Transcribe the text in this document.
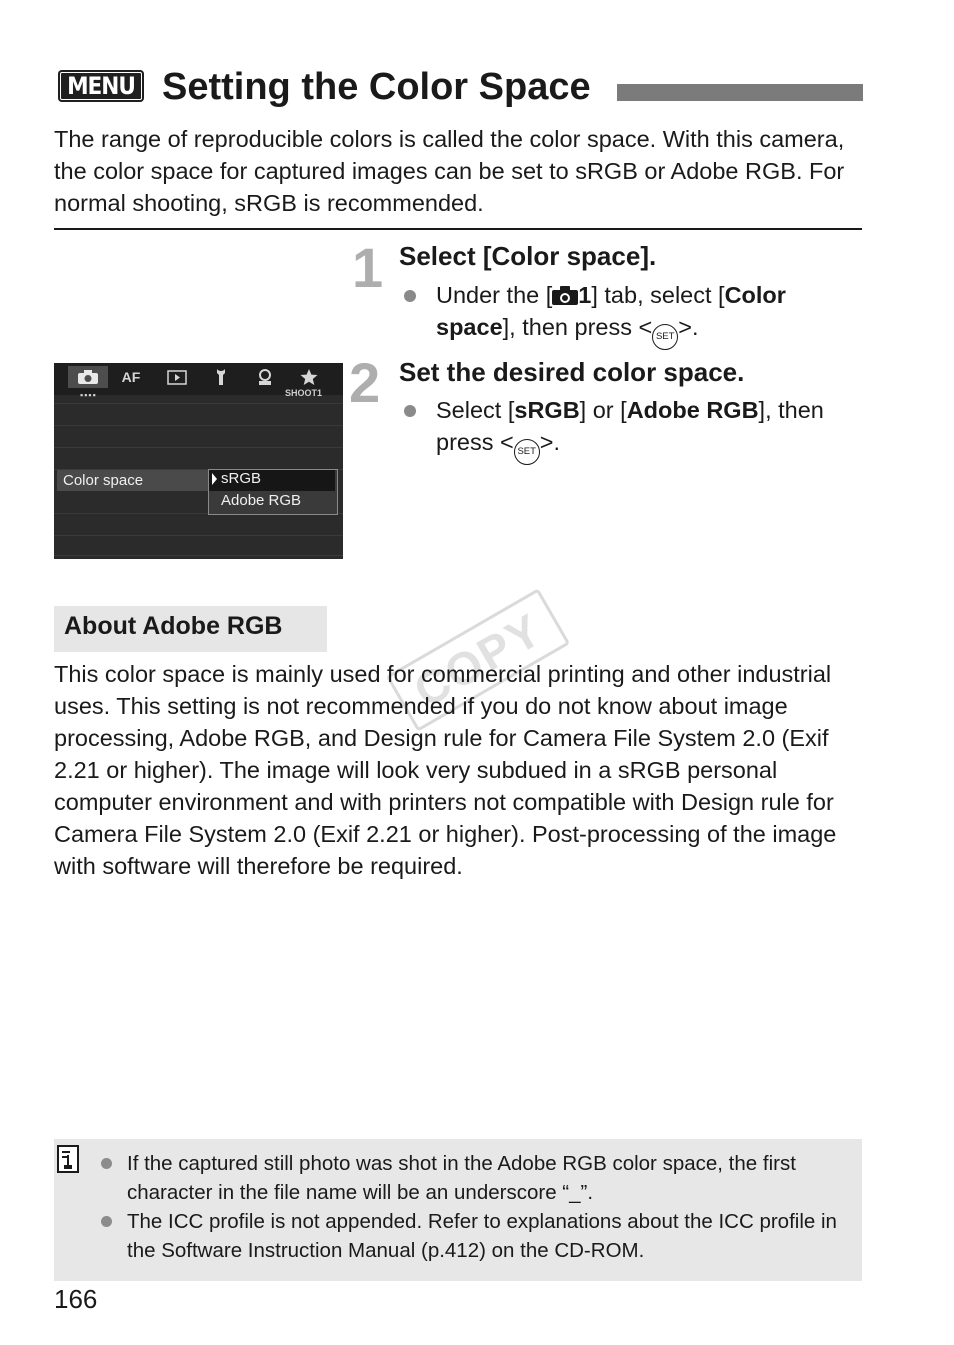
MENU Setting the Color Space

The range of reproducible colors is called the color space. With this camera, the color space for captured images can be set to sRGB or Adobe RGB. For normal shooting, sRGB is recommended.

1 Select [Color space].

Under the [ 1] tab, select [Color space], then press < SET >.

2 Set the desired color space.

Select [sRGB] or [Adobe RGB], then press < SET >.

AF
▪▪▪▪	SHOOT1
Color space	sRGB
Adobe RGB
About Adobe RGB	COPY

This color space is mainly used for commercial printing and other industrial uses. This setting is not recommended if you do not know about image processing, Adobe RGB, and Design rule for Camera File System 2.0 (Exif 2.21 or higher). The image will look very subdued in a sRGB personal computer environment and with printers not compatible with Design rule for Camera File System 2.0 (Exif 2.21 or higher). Post-processing of the image with software will therefore be required.

If the captured still photo was shot in the Adobe RGB color space, the first character in the file name will be an underscore “_”.

The ICC profile is not appended. Refer to explanations about the ICC profile in the Software Instruction Manual (p.412) on the CD-ROM.

166
